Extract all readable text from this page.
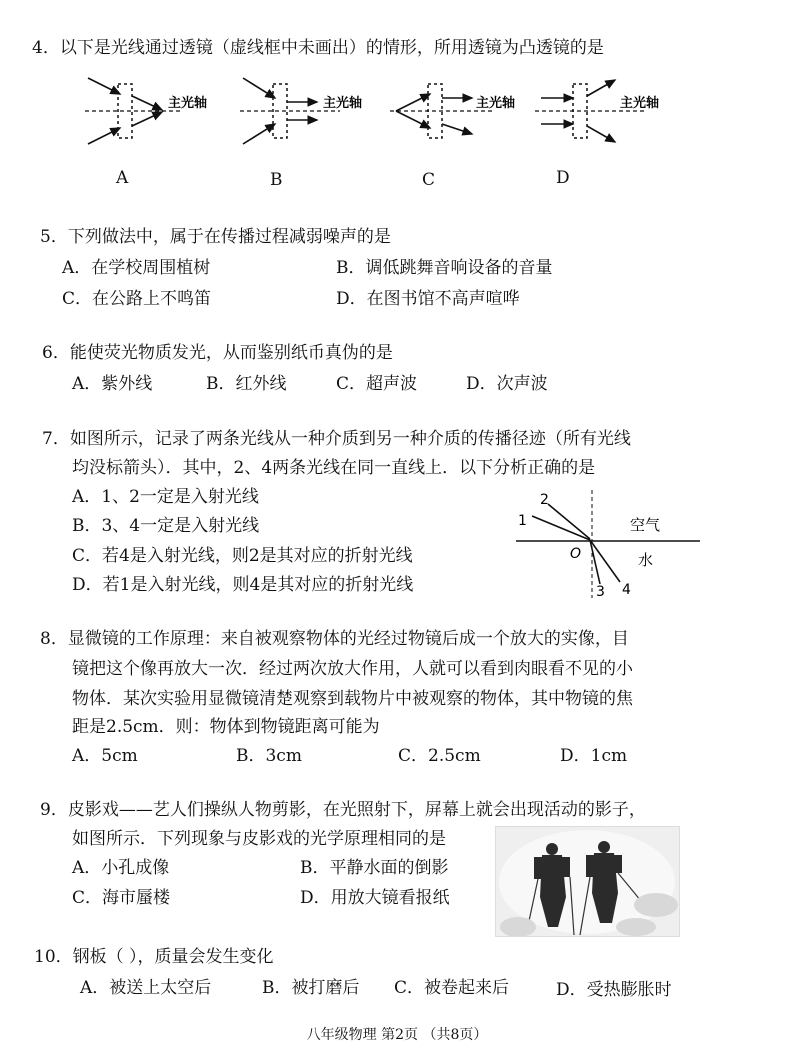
4．以下是光线通过透镜（虚线框中未画出）的情形，所用透镜为凸透镜的是
主光轴	主光轴	主光轴	主光轴
A	B	C	D
5．下列做法中，属于在传播过程减弱噪声的是
A．在学校周围植树	B．调低跳舞音响设备的音量
C．在公路上不鸣笛	D．在图书馆不高声喧哗
6．能使荧光物质发光，从而鉴别纸币真伪的是
A．紫外线	B．红外线	C．超声波	D．次声波
7．如图所示，记录了两条光线从一种介质到另一种介质的传播径迹（所有光线
均没标箭头）．其中，2、4两条光线在同一直线上．以下分析正确的是
A．1、2一定是入射光线
B．3、4一定是入射光线
C．若4是入射光线，则2是其对应的折射光线
D．若1是入射光线，则4是其对应的折射光线
1
2
3 4
O
空气
水
8．显微镜的工作原理：来自被观察物体的光经过物镜后成一个放大的实像，目
镜把这个像再放大一次．经过两次放大作用，人就可以看到肉眼看不见的小
物体．某次实验用显微镜清楚观察到载物片中被观察的物体，其中物镜的焦
距是2.5cm．则：物体到物镜距离可能为
A．5cm	B．3cm	C．2.5cm	D．1cm
9．皮影戏——艺人们操纵人物剪影，在光照射下，屏幕上就会出现活动的影子，
如图所示．下列现象与皮影戏的光学原理相同的是
A．小孔成像	B．平静水面的倒影
C．海市蜃楼	D．用放大镜看报纸
10．钢板（ ），质量会发生变化
A．被送上太空后	B．被打磨后 C．被卷起来后	D．受热膨胀时
八年级物理 第2页 （共8页）
